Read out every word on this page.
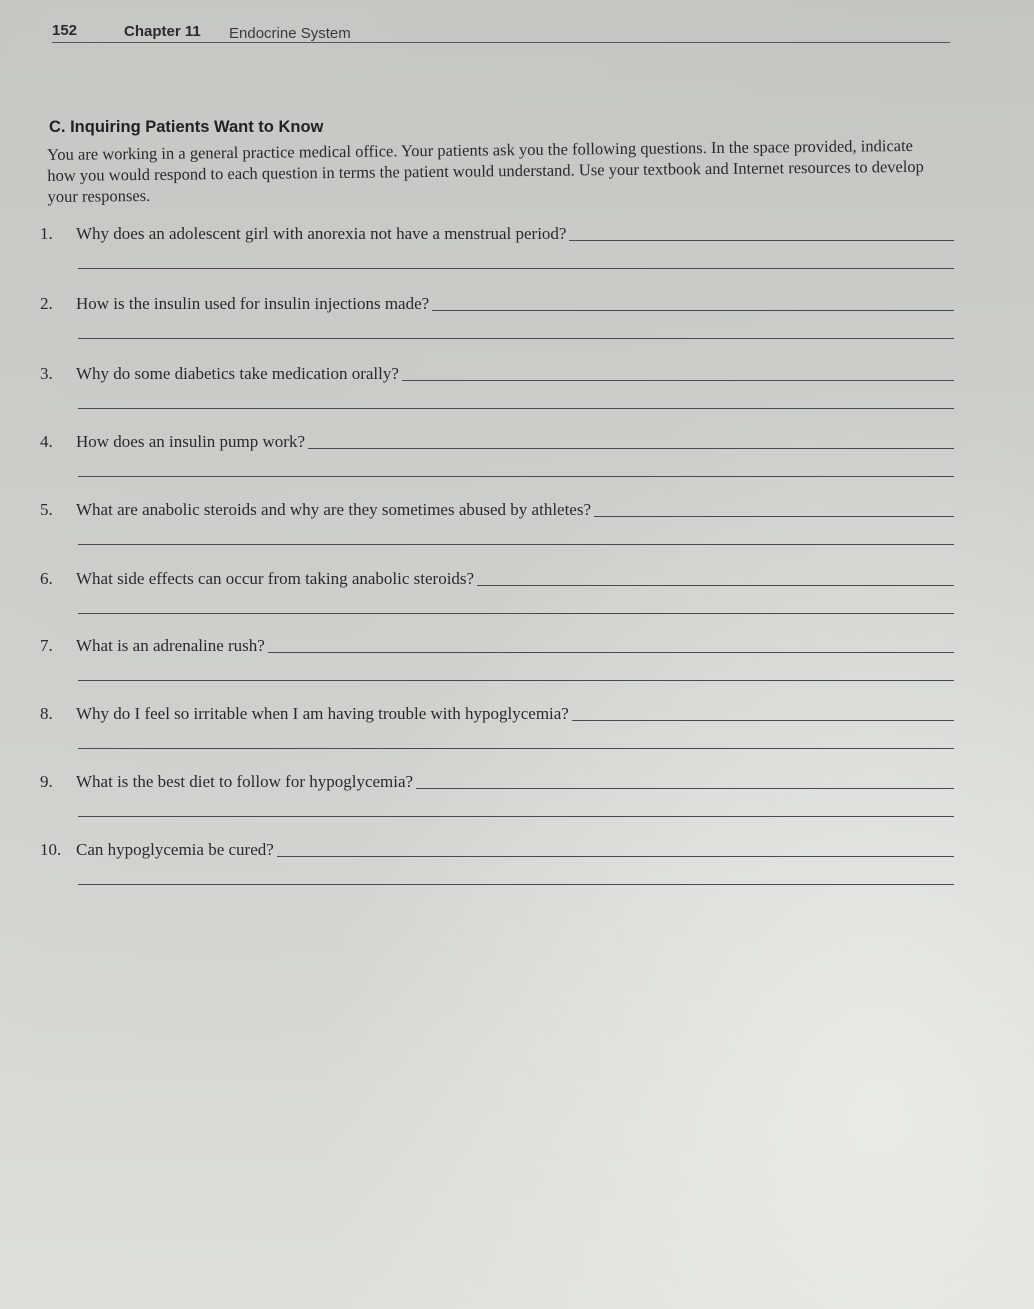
152	Chapter 11 Endocrine System
C. Inquiring Patients Want to Know
You are working in a general practice medical office. Your patients ask you the following questions. In the space provided, indicate how you would respond to each question in terms the patient would understand. Use your textbook and Internet resources to develop your responses.
1.	Why does an adolescent girl with anorexia not have a menstrual period?
2.	How is the insulin used for insulin injections made?
3.	Why do some diabetics take medication orally?
4.	How does an insulin pump work?
5.	What are anabolic steroids and why are they sometimes abused by athletes?
6.	What side effects can occur from taking anabolic steroids?
7.	What is an adrenaline rush?
8.	Why do I feel so irritable when I am having trouble with hypoglycemia?
9.	What is the best diet to follow for hypoglycemia?
10. Can hypoglycemia be cured?
